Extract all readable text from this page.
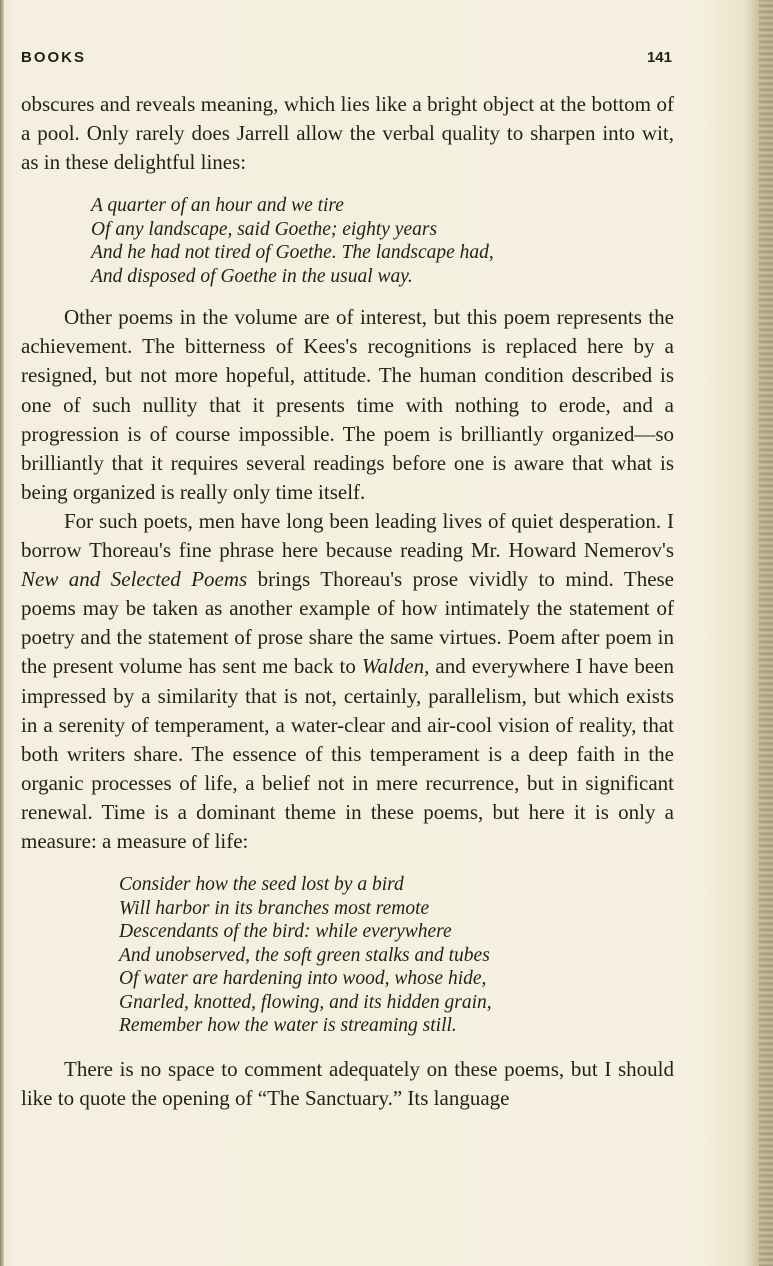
BOOKS	141

obscures and reveals meaning, which lies like a bright object at the bottom of a pool. Only rarely does Jarrell allow the verbal quality to sharpen into wit, as in these delightful lines:

A quarter of an hour and we tire
Of any landscape, said Goethe; eighty years
And he had not tired of Goethe. The landscape had,
And disposed of Goethe in the usual way.

Other poems in the volume are of interest, but this poem represents the achievement. The bitterness of Kees's recognitions is replaced here by a resigned, but not more hopeful, attitude. The human condition described is one of such nullity that it presents time with nothing to erode, and a progression is of course impossible. The poem is brilliantly organized—so brilliantly that it requires several readings before one is aware that what is being organized is really only time itself.

For such poets, men have long been leading lives of quiet desperation. I borrow Thoreau's fine phrase here because reading Mr. Howard Nemerov's New and Selected Poems brings Thoreau's prose vividly to mind. These poems may be taken as another example of how intimately the statement of poetry and the statement of prose share the same virtues. Poem after poem in the present volume has sent me back to Walden, and everywhere I have been impressed by a similarity that is not, certainly, parallelism, but which exists in a serenity of temperament, a water-clear and air-cool vision of reality, that both writers share. The essence of this temperament is a deep faith in the organic processes of life, a belief not in mere recurrence, but in significant renewal. Time is a dominant theme in these poems, but here it is only a measure: a measure of life:

Consider how the seed lost by a bird
Will harbor in its branches most remote
Descendants of the bird: while everywhere
And unobserved, the soft green stalks and tubes
Of water are hardening into wood, whose hide,
Gnarled, knotted, flowing, and its hidden grain,
Remember how the water is streaming still.

There is no space to comment adequately on these poems, but I should like to quote the opening of “The Sanctuary.” Its language
